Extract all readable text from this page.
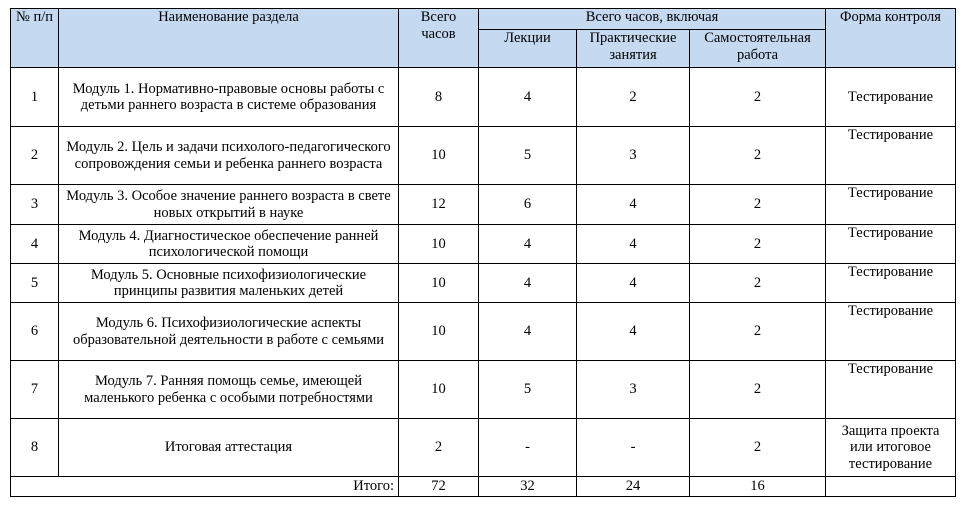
№ п/п	Наименование раздела	Всего часов	Всего часов, включая			Форма контроля
			Лекции	Практические занятия	Самостоятельная работа	
1	Модуль 1. Нормативно-правовые основы работы с детьми раннего возраста в системе образования	8	4	2	2	Тестирование
2	Модуль 2. Цель и задачи психолого-педагогического сопровождения семьи и ребенка раннего возраста	10	5	3	2	Тестирование
3	Модуль 3. Особое значение раннего возраста в свете новых открытий в науке	12	6	4	2	Тестирование
4	Модуль 4. Диагностическое обеспечение ранней психологической помощи	10	4	4	2	Тестирование
5	Модуль 5. Основные психофизиологические принципы развития маленьких детей	10	4	4	2	Тестирование
6	Модуль 6. Психофизиологические аспекты образовательной деятельности в работе с семьями	10	4	4	2	Тестирование
7	Модуль 7. Ранняя помощь семье, имеющей маленького ребенка с особыми потребностями	10	5	3	2	Тестирование
8	Итоговая аттестация	2	-	-	2	Защита проекта или итоговое тестирование
Итого:		72	32	24	16	
